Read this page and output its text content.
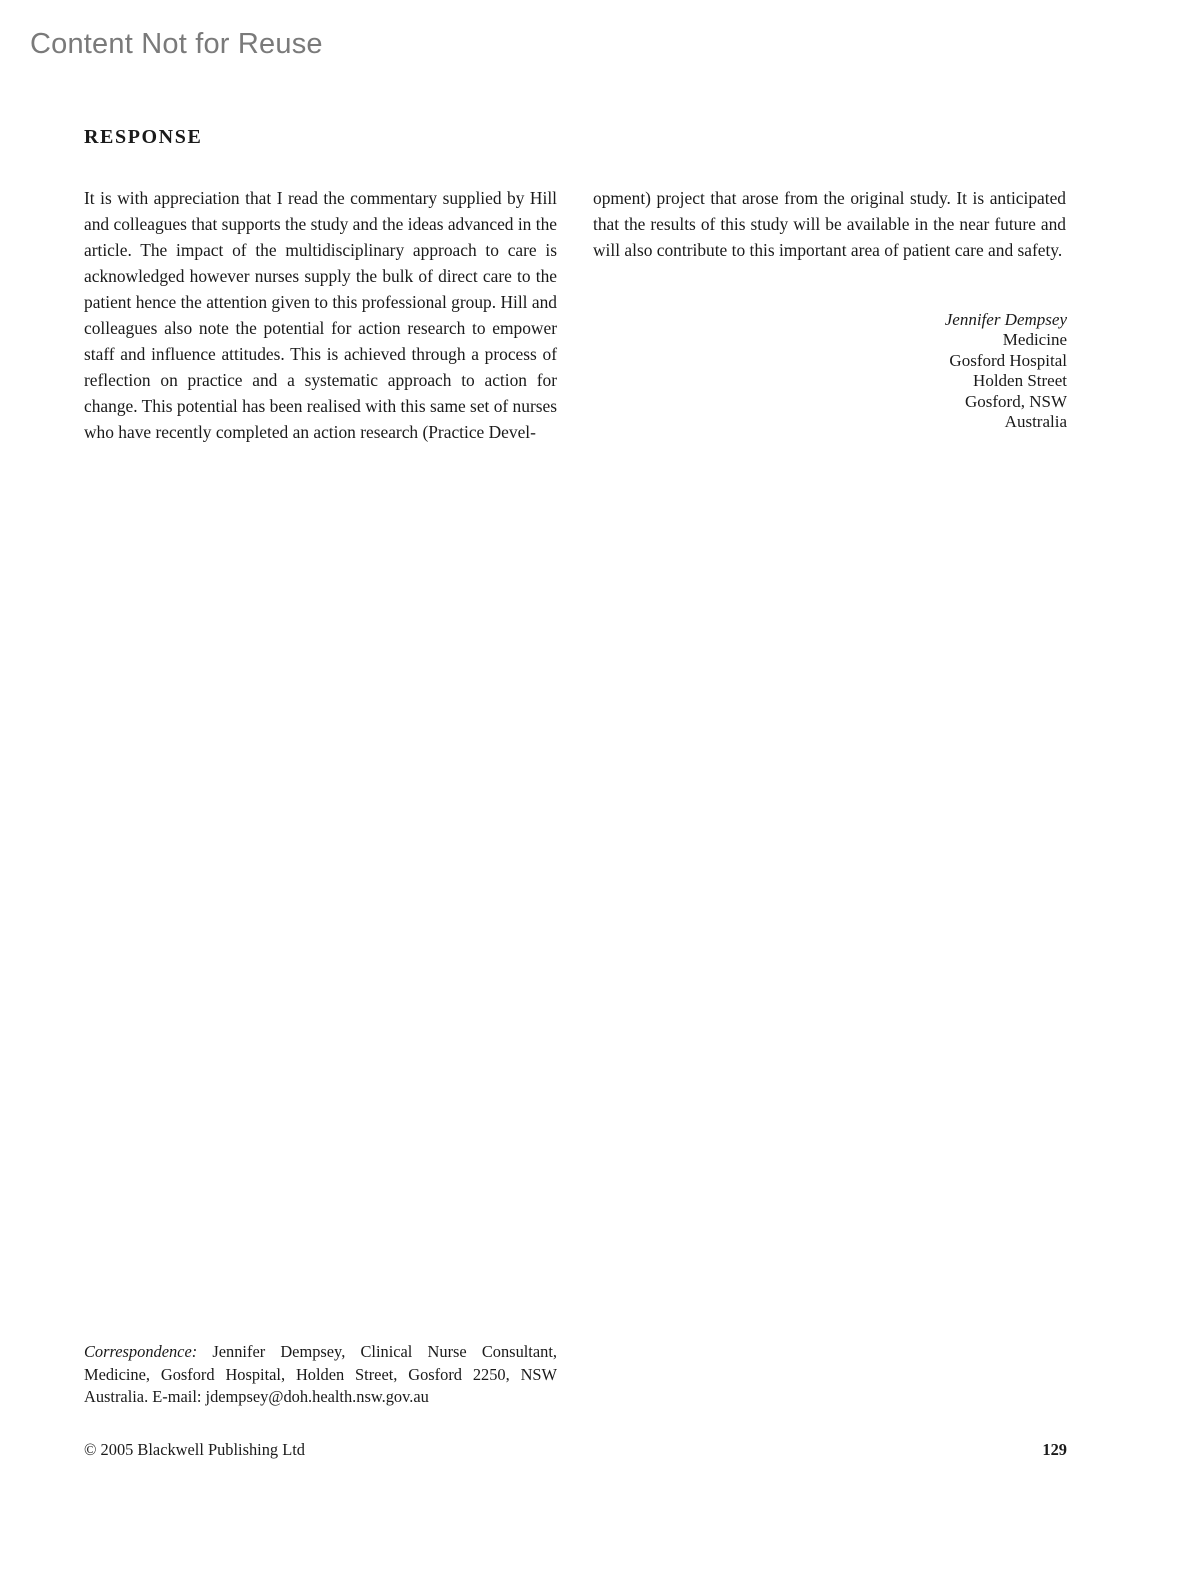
Content Not for Reuse
RESPONSE

It is with appreciation that I read the commentary supplied by Hill and colleagues that supports the study and the ideas advanced in the article. The impact of the multidisciplinary approach to care is acknowledged however nurses supply the bulk of direct care to the patient hence the attention given to this professional group. Hill and colleagues also note the potential for action research to empower staff and influence attitudes. This is achieved through a process of reflection on practice and a systematic approach to action for change. This potential has been realised with this same set of nurses who have recently completed an action research (Practice Devel-

opment) project that arose from the original study. It is anticipated that the results of this study will be available in the near future and will also contribute to this important area of patient care and safety.

Jennifer Dempsey
Medicine
Gosford Hospital
Holden Street
Gosford, NSW
Australia

Correspondence: Jennifer Dempsey, Clinical Nurse Consultant, Medicine, Gosford Hospital, Holden Street, Gosford 2250, NSW Australia. E-mail: jdempsey@doh.health.nsw.gov.au

© 2005 Blackwell Publishing Ltd	129
